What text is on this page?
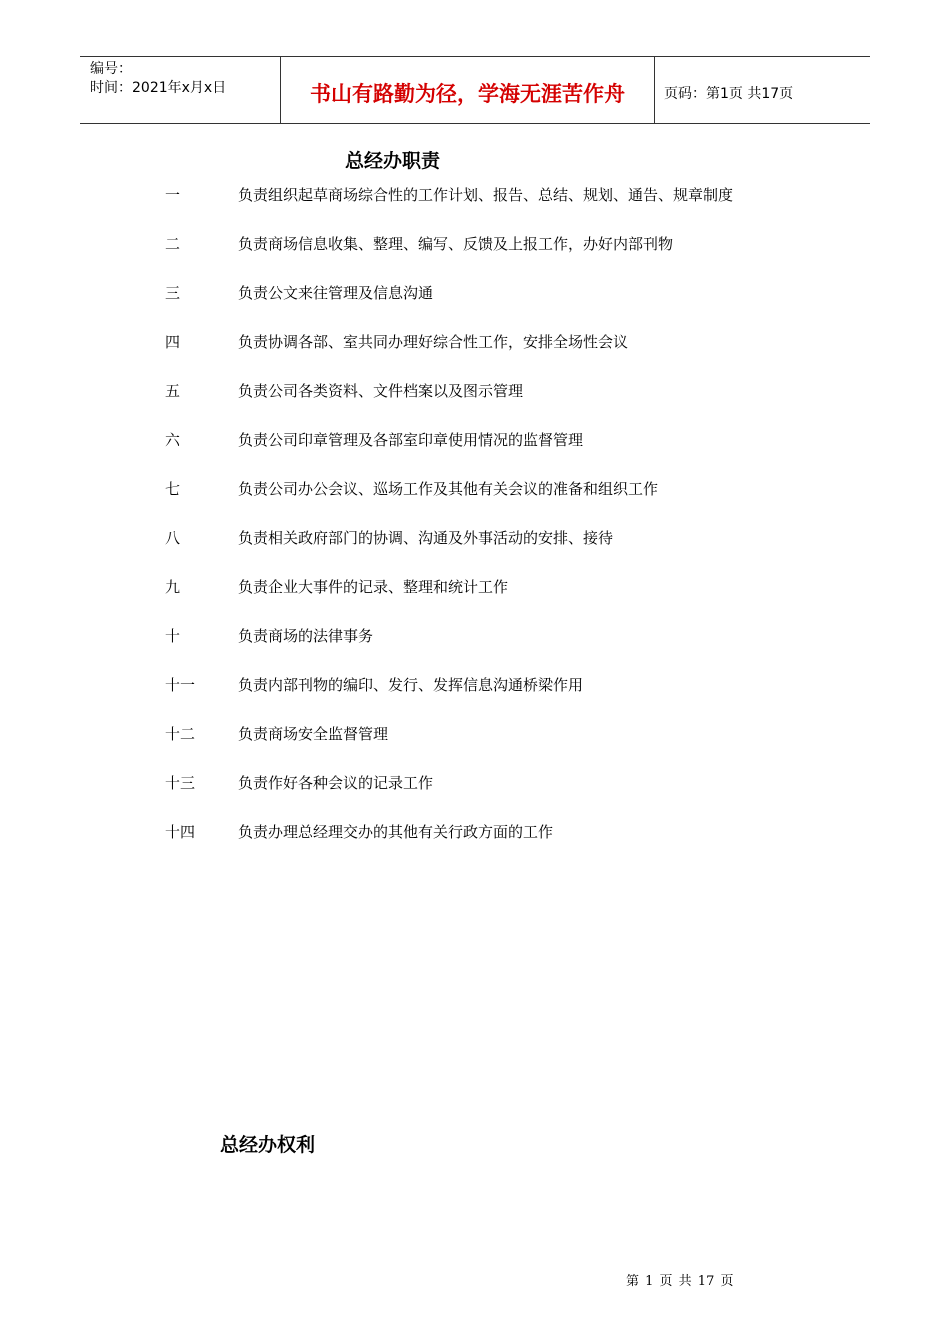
编号：
时间：2021年x月x日	书山有路勤为径，学海无涯苦作舟	页码：第1页 共17页
总经办职责
一	负责组织起草商场综合性的工作计划、报告、总结、规划、通告、规章制度
二	负责商场信息收集、整理、编写、反馈及上报工作，办好内部刊物
三	负责公文来往管理及信息沟通
四	负责协调各部、室共同办理好综合性工作，安排全场性会议
五	负责公司各类资料、文件档案以及图示管理
六	负责公司印章管理及各部室印章使用情况的监督管理
七	负责公司办公会议、巡场工作及其他有关会议的准备和组织工作
八	负责相关政府部门的协调、沟通及外事活动的安排、接待
九	负责企业大事件的记录、整理和统计工作
十	负责商场的法律事务
十一	负责内部刊物的编印、发行、发挥信息沟通桥梁作用
十二	负责商场安全监督管理
十三	负责作好各种会议的记录工作
十四	负责办理总经理交办的其他有关行政方面的工作
总经办权利
第 1 页 共 17 页
